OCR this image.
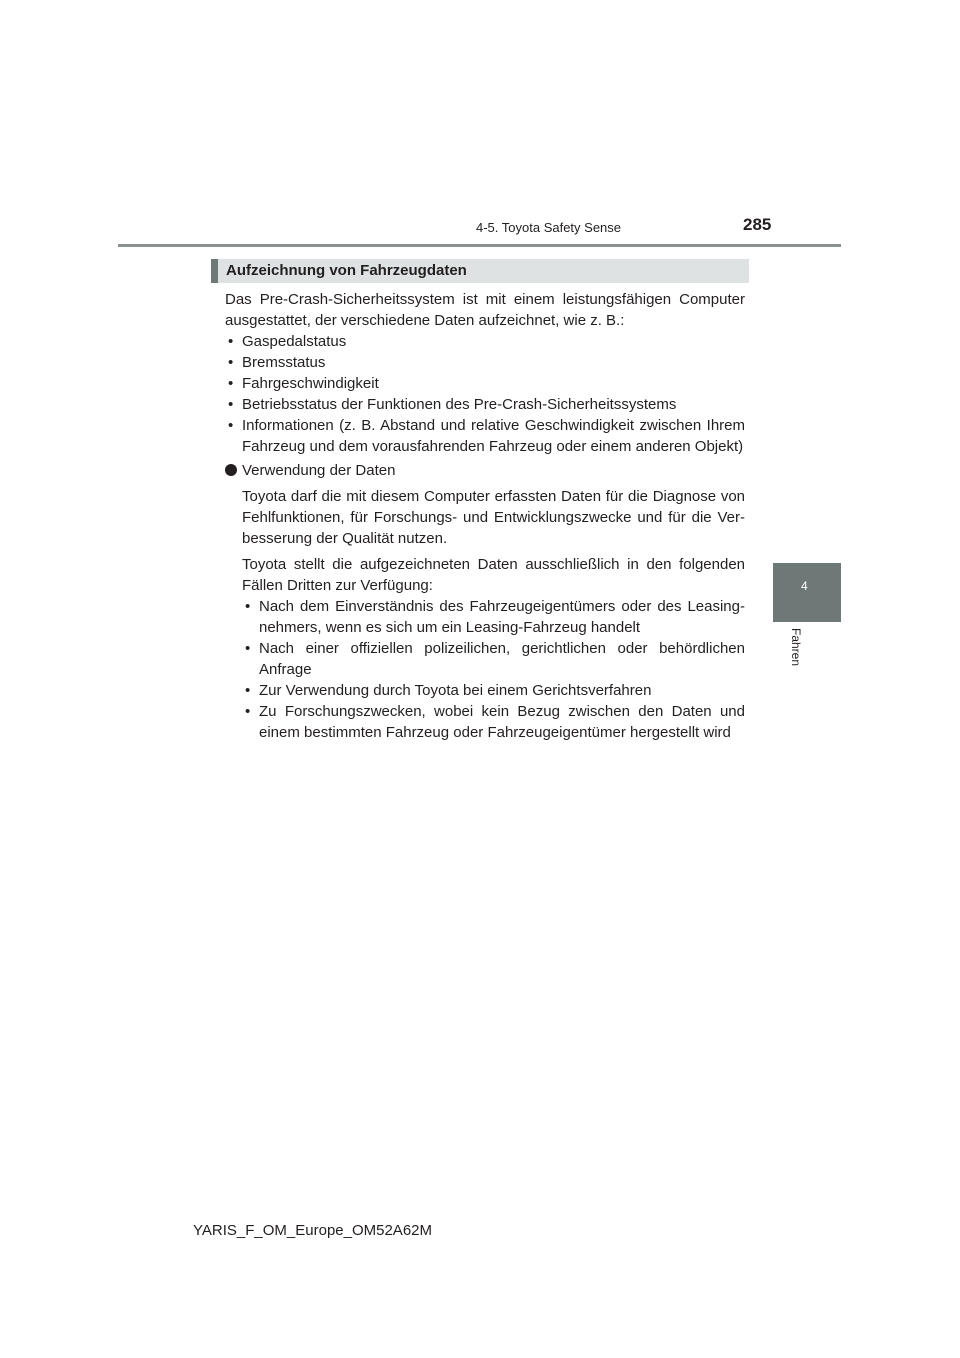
4-5. Toyota Safety Sense	285
4
Fahren
Aufzeichnung von Fahrzeugdaten
Das Pre-Crash-Sicherheitssystem ist mit einem leistungsfähigen Computer ausgestattet, der verschiedene Daten aufzeichnet, wie z. B.:
• Gaspedalstatus
• Bremsstatus
• Fahrgeschwindigkeit
• Betriebsstatus der Funktionen des Pre-Crash-Sicherheitssystems
• Informationen (z. B. Abstand und relative Geschwindigkeit zwischen Ihrem Fahrzeug und dem vorausfahrenden Fahrzeug oder einem anderen Objekt)
Verwendung der Daten
Toyota darf die mit diesem Computer erfassten Daten für die Diagnose von Fehlfunktionen, für Forschungs- und Entwicklungszwecke und für die Ver-besserung der Qualität nutzen.
Toyota stellt die aufgezeichneten Daten ausschließlich in den folgenden Fällen Dritten zur Verfügung:
• Nach dem Einverständnis des Fahrzeugeigentümers oder des Leasing-nehmers, wenn es sich um ein Leasing-Fahrzeug handelt
• Nach einer offiziellen polizeilichen, gerichtlichen oder behördlichen Anfrage
• Zur Verwendung durch Toyota bei einem Gerichtsverfahren
• Zu Forschungszwecken, wobei kein Bezug zwischen den Daten und einem bestimmten Fahrzeug oder Fahrzeugeigentümer hergestellt wird
YARIS_F_OM_Europe_OM52A62M
